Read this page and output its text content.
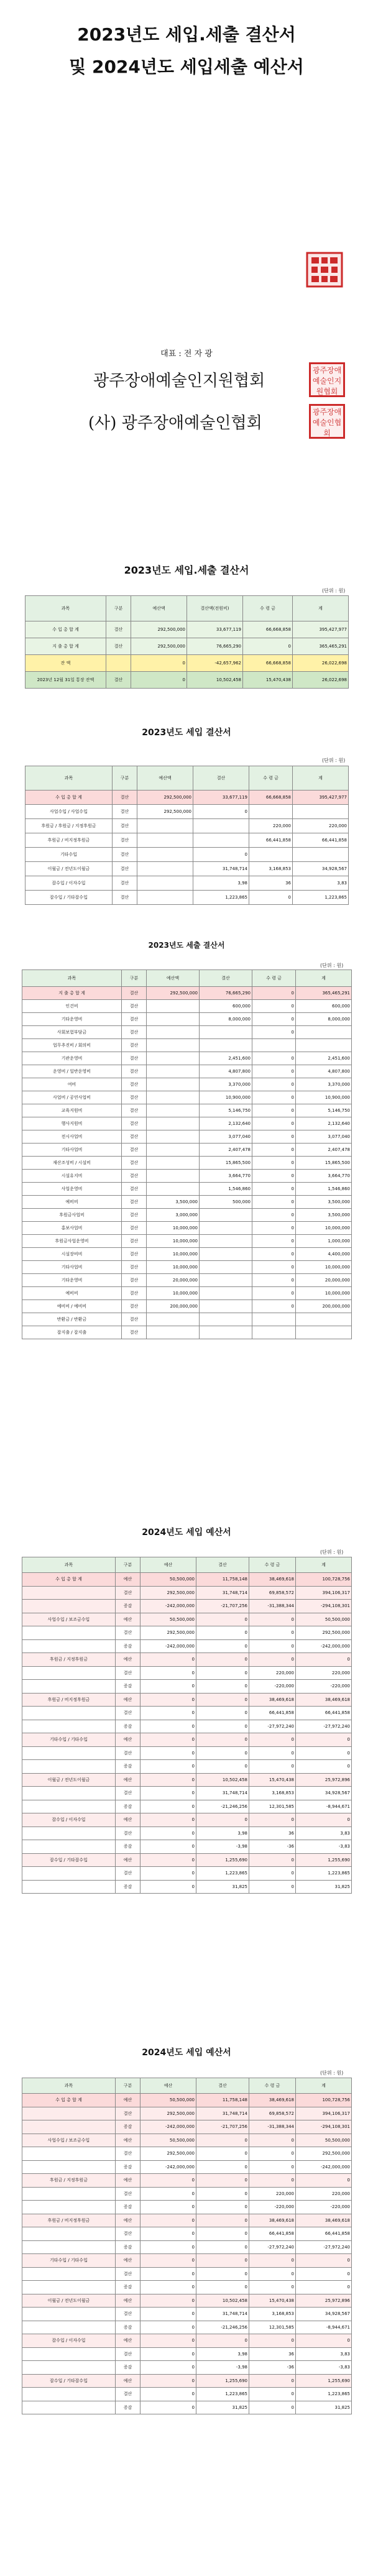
2023년도 세입.세출 결산서
및 2024년도 세입세출 예산서
대표 : 전 자 광
광주장애예술인지원협회
광주장애예술인지원협회
(사) 광주장애예술인협회
광주장애예술인협회
2023년도 세입.세출 결산서
(단위 : 원)
과목	구분	예산액	결산액(전원비)	수 령 금	계
수 입 총 합 계	결산	292,500,000	33,677,119	66,668,858	395,427,977
지 출 총 합 계	결산	292,500,000	76,665,290	0	365,465,291
잔 액		0	-42,657,962	66,668,858	26,022,698
2023년 12월 31일 통장 잔액	결산	0	10,502,458	15,470,438	26,022,698
2023년도 세입 결산서
(단위 : 원)
과목	구분	예산액	결산	수 령 금	계
수 입 총 합 계	결산	292,500,000	33,677,119	66,668,858	395,427,977
사업수입 / 사업수입	결산	292,500,000	0		
후원금 / 후원금 / 지정후원금	결산			220,000	220,000
후원금 / 비지정후원금	결산			66,441,858	66,441,858
기타수입	결산		0		
이월금 / 전년도이월금	결산		31,748,714	3,168,853	34,928,567
잡수입 / 이자수입	결산		3,98	36	3,83
잡수입 / 기타잡수입	결산		1,223,865	0	1,223,865
2023년도 세출 결산서
(단위 : 원)
과목	구분	예산액	결산	수 령 금	계
지 출 총 합 계	결산	292,500,000	76,665,290	0	365,465,291
인건비	결산		600,000	0	600,000
기타운영비	결산		8,000,000	0	8,000,000
사회보험부담금	결산			0	
업무추진비 / 회의비	결산				
기관운영비	결산		2,451,600	0	2,451,600
운영비 / 일반운영비	결산		4,807,800	0	4,807,800
여비	결산		3,370,000	0	3,370,000
사업비 / 공연사업비	결산		10,900,000	0	10,900,000
교육지원비	결산		5,146,750	0	5,146,750
행사지원비	결산		2,132,640	0	2,132,640
전시사업비	결산		3,077,040	0	3,077,040
기타사업비	결산		2,407,478	0	2,407,478
재산조성비 / 시설비	결산		15,865,500	0	15,865,500
시설유지비	결산		3,664,770	0	3,664,770
사업운영비	결산		1,546,860	0	1,546,860
예비비	결산	3,500,000	500,000	0	3,500,000
후원금사업비	결산	3,000,000		0	3,500,000
홍보사업비	결산	10,000,000		0	10,000,000
후원금사업운영비	결산	10,000,000		0	1,000,000
시설장비비	결산	10,000,000		0	4,400,000
기타사업비	결산	10,000,000		0	10,000,000
기타운영비	결산	20,000,000		0	20,000,000
예비비	결산	10,000,000		0	10,000,000
예비비 / 예비비	결산	200,000,000		0	200,000,000
반환금 / 반환금	결산				
잡지출 / 잡지출	결산				
2024년도 세입 예산서
(단위 : 원)
과목	구분	예산	결산	수 령 금	계
수 입 총 합 계	예산	50,500,000	11,758,148	38,469,618	100,728,756
	결산	292,500,000	31,748,714	69,858,572	394,106,317
	증감	-242,000,000	-21,707,256	-31,388,344	-294,108,301
사업수입 / 보조금수입	예산	50,500,000	0	0	50,500,000
	결산	292,500,000	0	0	292,500,000
	증감	-242,000,000	0	0	-242,000,000
후원금 / 지정후원금	예산	0	0	0	0
	결산	0	0	220,000	220,000
	증감	0	0	-220,000	-220,000
후원금 / 비지정후원금	예산	0	0	38,469,618	38,469,618
	결산	0	0	66,441,858	66,441,858
	증감	0	0	-27,972,240	-27,972,240
기타수입 / 기타수입	예산	0	0	0	0
	결산	0	0	0	0
	증감	0	0	0	0
이월금 / 전년도이월금	예산	0	10,502,458	15,470,438	25,972,896
	결산	0	31,748,714	3,168,853	34,928,567
	증감	0	-21,246,256	12,301,585	-8,944,671
잡수입 / 이자수입	예산	0	0	0	0
	결산	0	3,98	36	3,83
	증감	0	-3,98	-36	-3,83
잡수입 / 기타잡수입	예산	0	1,255,690	0	1,255,690
	결산	0	1,223,865	0	1,223,865
	증감	0	31,825	0	31,825
2024년도 세입 예산서
(단위 : 원)
과목	구분	예산	결산	수 령 금	계
수 입 총 합 계	예산	50,500,000	11,758,148	38,469,618	100,728,756
	결산	292,500,000	31,748,714	69,858,572	394,106,317
	증감	-242,000,000	-21,707,256	-31,388,344	-294,108,301
사업수입 / 보조금수입	예산	50,500,000	0	0	50,500,000
	결산	292,500,000	0	0	292,500,000
	증감	-242,000,000	0	0	-242,000,000
후원금 / 지정후원금	예산	0	0	0	0
	결산	0	0	220,000	220,000
	증감	0	0	-220,000	-220,000
후원금 / 비지정후원금	예산	0	0	38,469,618	38,469,618
	결산	0	0	66,441,858	66,441,858
	증감	0	0	-27,972,240	-27,972,240
기타수입 / 기타수입	예산	0	0	0	0
	결산	0	0	0	0
	증감	0	0	0	0
이월금 / 전년도이월금	예산	0	10,502,458	15,470,438	25,972,896
	결산	0	31,748,714	3,168,853	34,928,567
	증감	0	-21,246,256	12,301,585	-8,944,671
잡수입 / 이자수입	예산	0	0	0	0
	결산	0	3,98	36	3,83
	증감	0	-3,98	-36	-3,83
잡수입 / 기타잡수입	예산	0	1,255,690	0	1,255,690
	결산	0	1,223,865	0	1,223,865
	증감	0	31,825	0	31,825
